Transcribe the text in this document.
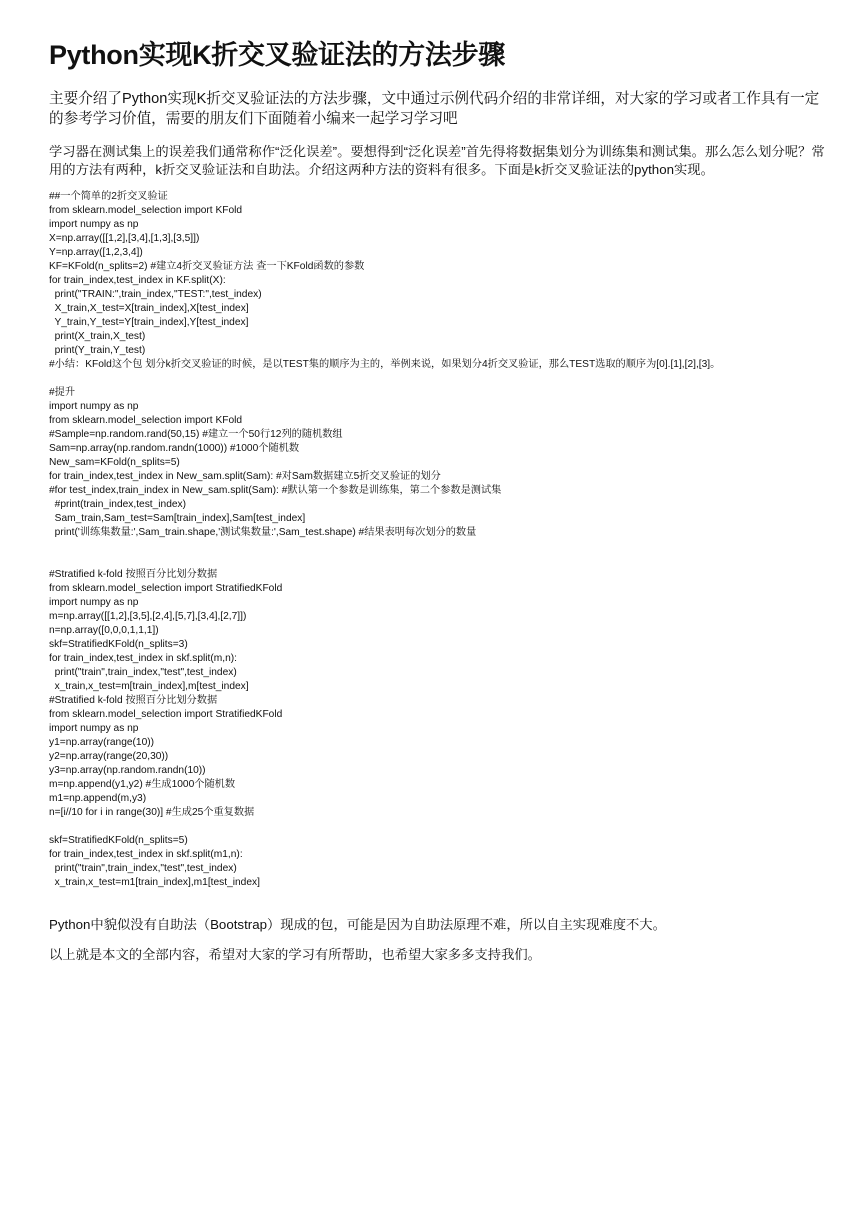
Python实现K折交叉验证法的方法步骤

主要介绍了Python实现K折交叉验证法的方法步骤，文中通过示例代码介绍的非常详细，对大家的学习或者工作具有一定的参考学习价值，需要的朋友们下面随着小编来一起学习学习吧

学习器在测试集上的误差我们通常称作“泛化误差”。要想得到“泛化误差”首先得将数据集划分为训练集和测试集。那么怎么划分呢？常用的方法有两种，k折交叉验证法和自助法。介绍这两种方法的资料有很多。下面是k折交叉验证法的python实现。

##一个简单的2折交叉验证
from sklearn.model_selection import KFold
import numpy as np
X=np.array([[1,2],[3,4],[1,3],[3,5]])
Y=np.array([1,2,3,4])
KF=KFold(n_splits=2) #建立4折交叉验证方法 查一下KFold函数的参数
for train_index,test_index in KF.split(X):
print("TRAIN:",train_index,"TEST:",test_index)
X_train,X_test=X[train_index],X[test_index]
Y_train,Y_test=Y[train_index],Y[test_index]
print(X_train,X_test)
print(Y_train,Y_test)
#小结：KFold这个包 划分k折交叉验证的时候，是以TEST集的顺序为主的，举例来说，如果划分4折交叉验证，那么TEST选取的顺序为[0].[1],[2],[3]。
#提升
import numpy as np
from sklearn.model_selection import KFold
#Sample=np.random.rand(50,15) #建立一个50行12列的随机数组
Sam=np.array(np.random.randn(1000)) #1000个随机数
New_sam=KFold(n_splits=5)
for train_index,test_index in New_sam.split(Sam): #对Sam数据建立5折交叉验证的划分
#for test_index,train_index in New_sam.split(Sam): #默认第一个参数是训练集，第二个参数是测试集
#print(train_index,test_index)
Sam_train,Sam_test=Sam[train_index],Sam[test_index]
print('训练集数量:',Sam_train.shape,'测试集数量:',Sam_test.shape) #结果表明每次划分的数量
#Stratified k-fold 按照百分比划分数据
from sklearn.model_selection import StratifiedKFold
import numpy as np
m=np.array([[1,2],[3,5],[2,4],[5,7],[3,4],[2,7]])
n=np.array([0,0,0,1,1,1])
skf=StratifiedKFold(n_splits=3)
for train_index,test_index in skf.split(m,n):
print("train",train_index,"test",test_index)
x_train,x_test=m[train_index],m[test_index]
#Stratified k-fold 按照百分比划分数据
from sklearn.model_selection import StratifiedKFold
import numpy as np
y1=np.array(range(10))
y2=np.array(range(20,30))
y3=np.array(np.random.randn(10))
m=np.append(y1,y2) #生成1000个随机数
m1=np.append(m,y3)
n=[i//10 for i in range(30)] #生成25个重复数据
skf=StratifiedKFold(n_splits=5)
for train_index,test_index in skf.split(m1,n):
print("train",train_index,"test",test_index)
x_train,x_test=m1[train_index],m1[test_index]

Python中貌似没有自助法（Bootstrap）现成的包，可能是因为自助法原理不难，所以自主实现难度不大。

以上就是本文的全部内容，希望对大家的学习有所帮助，也希望大家多多支持我们。
